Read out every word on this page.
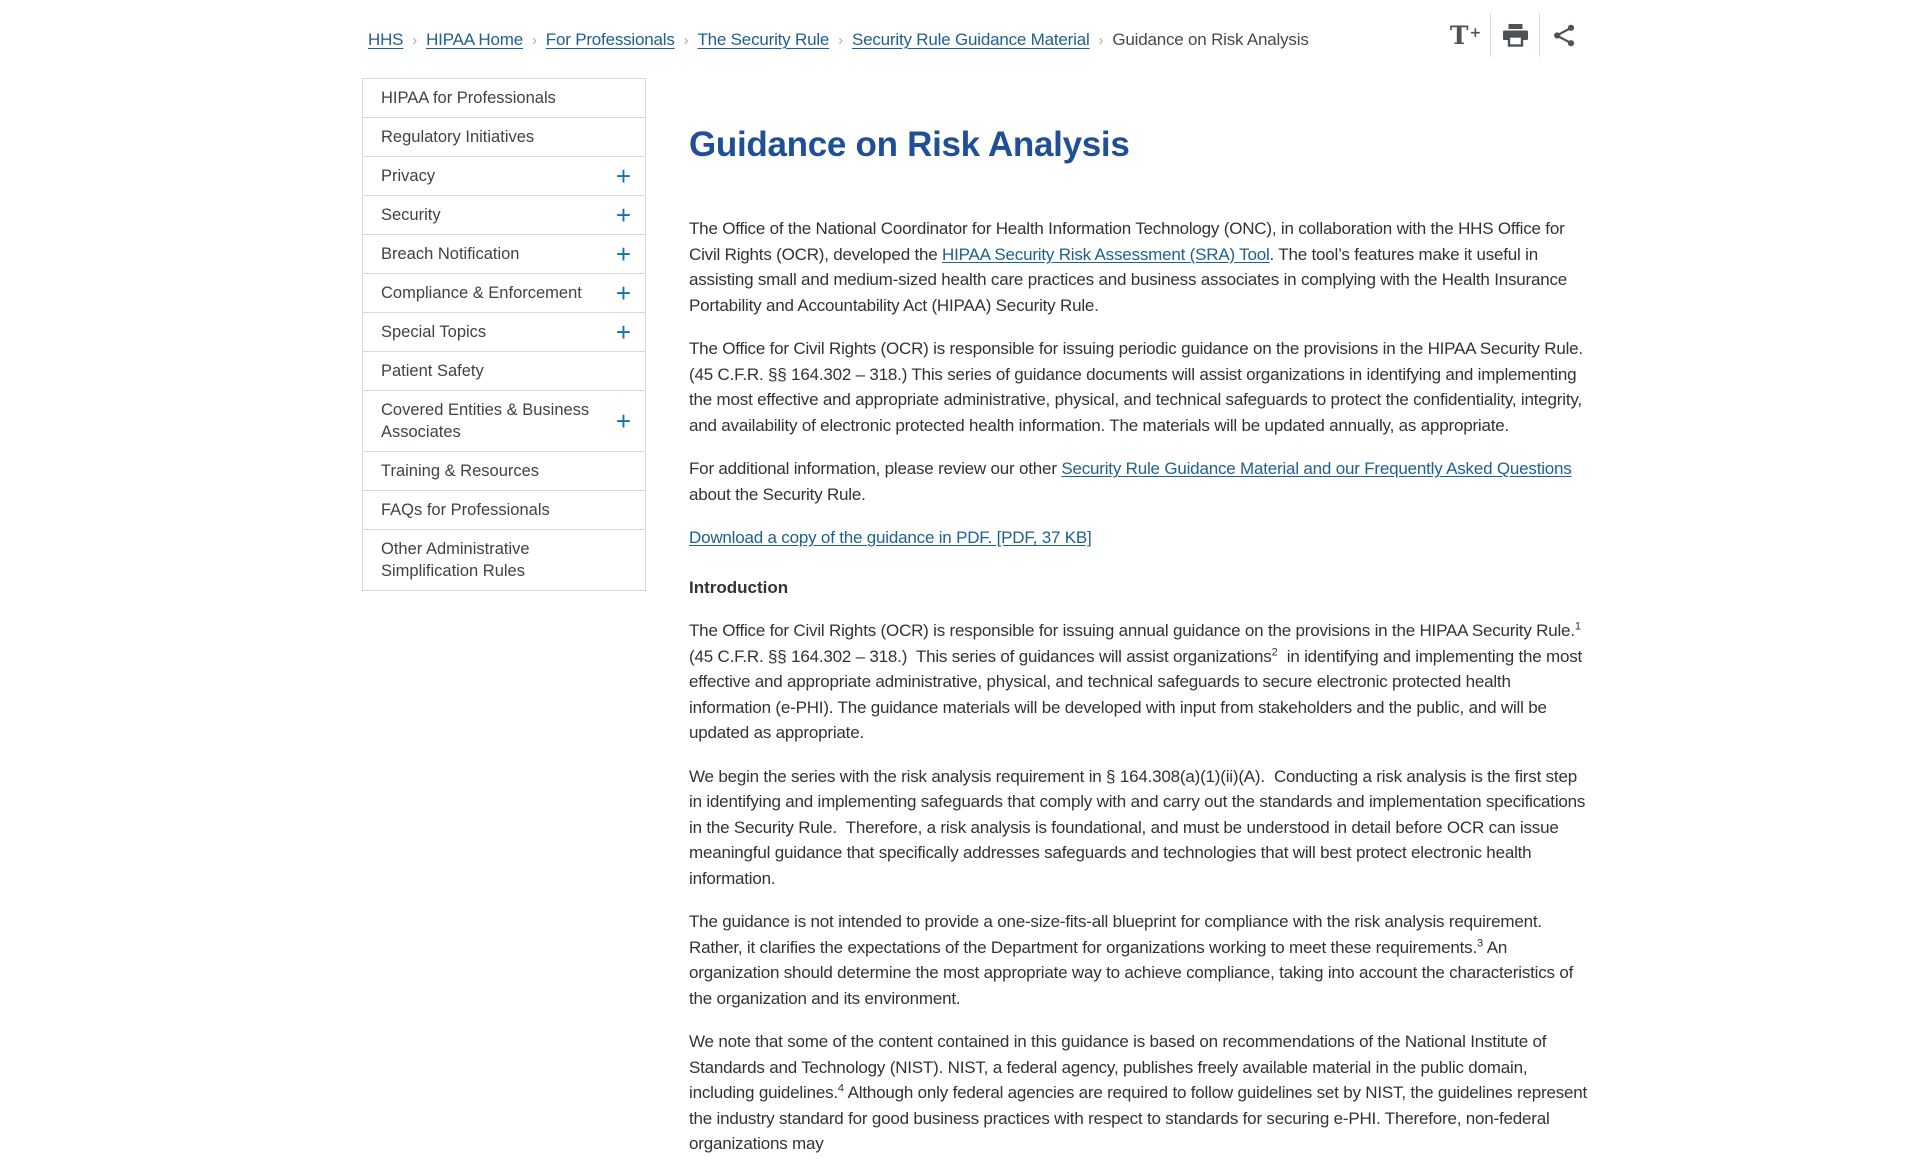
HHS › HIPAA Home › For Professionals › The Security Rule › Security Rule Guidance Material › Guidance on Risk Analysis	T+
HIPAA for Professionals
Regulatory Initiatives
Privacy	+
Security	+
Breach Notification	+
Compliance & Enforcement	+
Special Topics	+
Patient Safety
Covered Entities & Business Associates	+
Training & Resources
FAQs for Professionals
Other Administrative Simplification Rules
Guidance on Risk Analysis

The Office of the National Coordinator for Health Information Technology (ONC), in collaboration with the HHS Office for Civil Rights (OCR), developed the HIPAA Security Risk Assessment (SRA) Tool. The tool’s features make it useful in assisting small and medium-sized health care practices and business associates in complying with the Health Insurance Portability and Accountability Act (HIPAA) Security Rule.

The Office for Civil Rights (OCR) is responsible for issuing periodic guidance on the provisions in the HIPAA Security Rule. (45 C.F.R. §§ 164.302 – 318.) This series of guidance documents will assist organizations in identifying and implementing the most effective and appropriate administrative, physical, and technical safeguards to protect the confidentiality, integrity, and availability of electronic protected health information. The materials will be updated annually, as appropriate.

For additional information, please review our other Security Rule Guidance Material and our Frequently Asked Questions about the Security Rule.

Download a copy of the guidance in PDF. [PDF, 37 KB]

Introduction

The Office for Civil Rights (OCR) is responsible for issuing annual guidance on the provisions in the HIPAA Security Rule.$^1$  (45 C.F.R. §§ 164.302 – 318.)  This series of guidances will assist organizations$^2$  in identifying and implementing the most effective and appropriate administrative, physical, and technical safeguards to secure electronic protected health information (e-PHI). The guidance materials will be developed with input from stakeholders and the public, and will be updated as appropriate.

We begin the series with the risk analysis requirement in § 164.308(a)(1)(ii)(A).  Conducting a risk analysis is the first step in identifying and implementing safeguards that comply with and carry out the standards and implementation specifications in the Security Rule.  Therefore, a risk analysis is foundational, and must be understood in detail before OCR can issue meaningful guidance that specifically addresses safeguards and technologies that will best protect electronic health information.

The guidance is not intended to provide a one-size-fits-all blueprint for compliance with the risk analysis requirement. Rather, it clarifies the expectations of the Department for organizations working to meet these requirements.$^3$ An organization should determine the most appropriate way to achieve compliance, taking into account the characteristics of the organization and its environment.

We note that some of the content contained in this guidance is based on recommendations of the National Institute of Standards and Technology (NIST). NIST, a federal agency, publishes freely available material in the public domain, including guidelines.$^4$ Although only federal agencies are required to follow guidelines set by NIST, the guidelines represent the industry standard for good business practices with respect to standards for securing e-PHI. Therefore, non-federal organizations may
